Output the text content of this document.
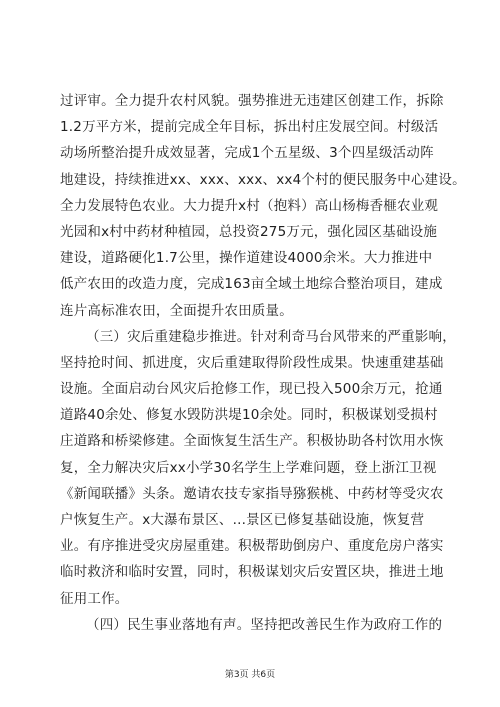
过评审。全力提升农村风貌。强势推进无违建区创建工作，拆除
1.2万平方米，提前完成全年目标，拆出村庄发展空间。村级活
动场所整治提升成效显著，完成1个五星级、3个四星级活动阵
地建设，持续推进xx、xxx、xxx、xx4个村的便民服务中心建设。
全力发展特色农业。大力提升x村（抱料）高山杨梅香榧农业观
光园和x村中药材种植园，总投资275万元，强化园区基础设施
建设，道路硬化1.7公里，操作道建设4000余米。大力推进中
低产农田的改造力度，完成163亩全域土地综合整治项目，建成
连片高标准农田，全面提升农田质量。
（三）灾后重建稳步推进。针对利奇马台风带来的严重影响，
坚持抢时间、抓进度，灾后重建取得阶段性成果。快速重建基础
设施。全面启动台风灾后抢修工作，现已投入500余万元，抢通
道路40余处、修复水毁防洪堤10余处。同时，积极谋划受损村
庄道路和桥梁修建。全面恢复生活生产。积极协助各村饮用水恢
复，全力解决灾后xx小学30名学生上学难问题，登上浙江卫视
《新闻联播》头条。邀请农技专家指导猕猴桃、中药材等受灾农
户恢复生产。x大瀑布景区、...景区已修复基础设施，恢复营
业。有序推进受灾房屋重建。积极帮助倒房户、重度危房户落实
临时救济和临时安置，同时，积极谋划灾后安置区块，推进土地
征用工作。
（四）民生事业落地有声。坚持把改善民生作为政府工作的
第3页 共6页
